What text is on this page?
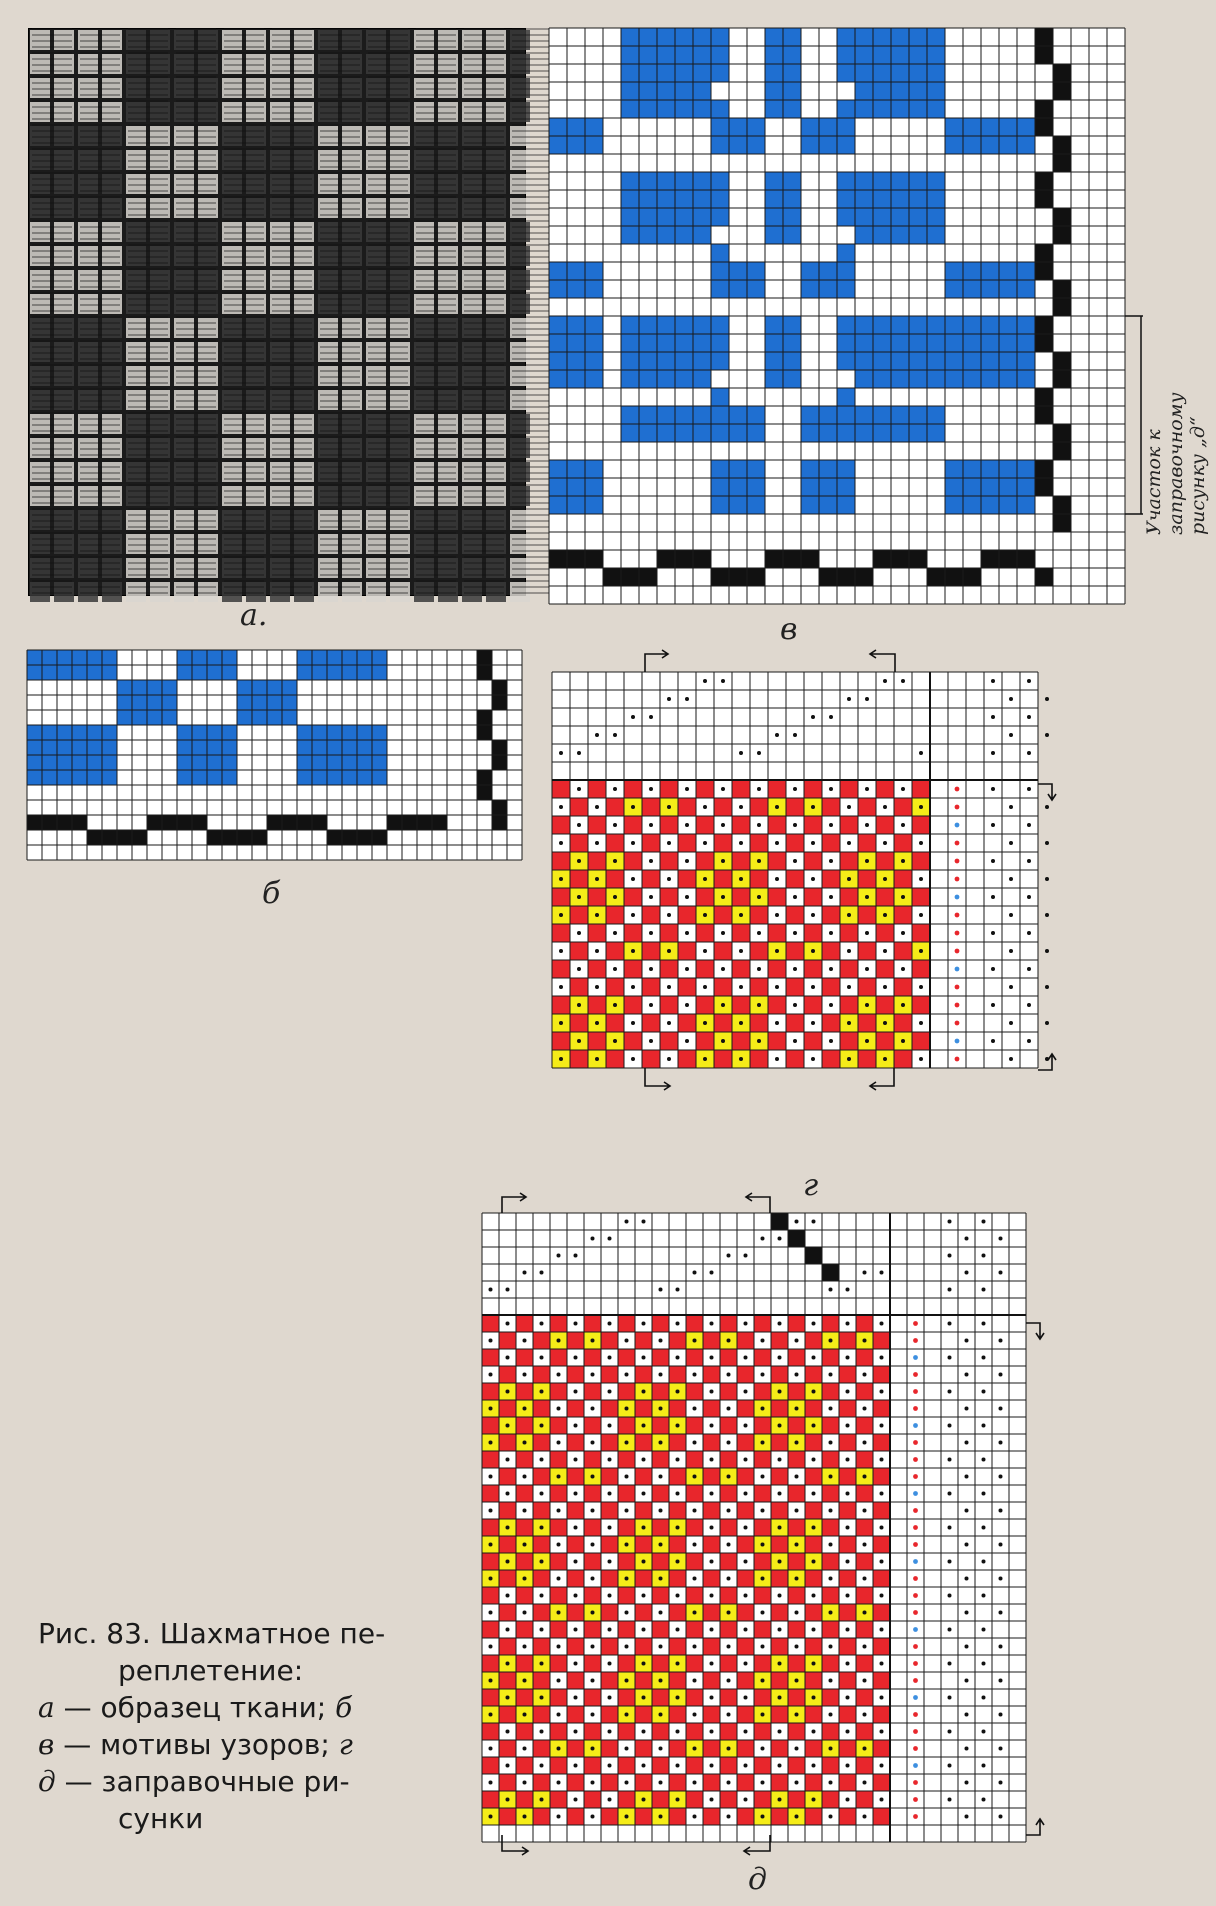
а.	в
Участок к заправочному рисунку „д“
б
г
д
Рис. 83. Шахматное пе-
реплетение:
а — образец ткани; б
в — мотивы узоров; г
д — заправочные ри-
сунки
